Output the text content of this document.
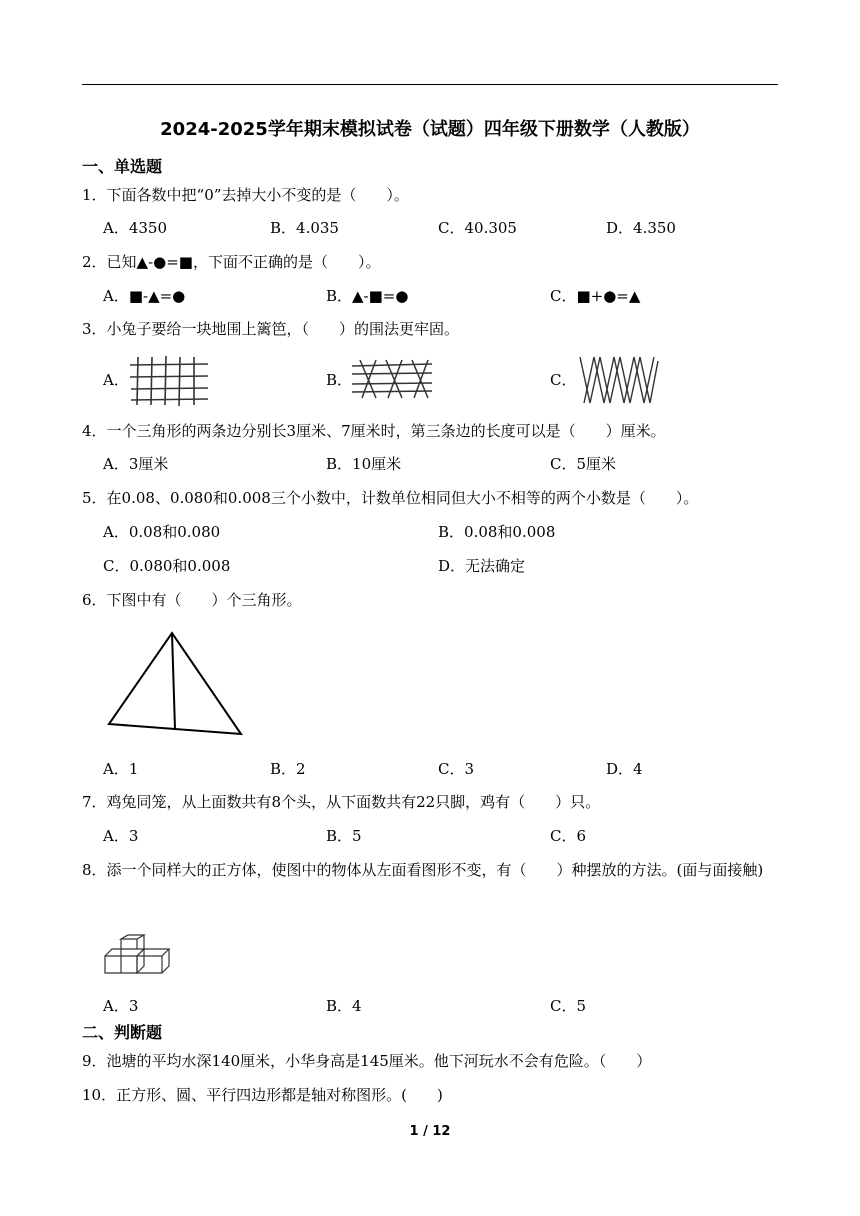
2024-2025学年期末模拟试卷（试题）四年级下册数学（人教版）
一、单选题
1．下面各数中把“0”去掉大小不变的是（　　）。
A．4350	B．4.035	C．40.305	D．4.350
2．已知▲-●=■，下面不正确的是（　　）。
A．■-▲=●	B．▲-■=●	C．■+●=▲
3．小兔子要给一块地围上篱笆，（　　）的围法更牢固。
A．	B．	C．
4．一个三角形的两条边分别长3厘米、7厘米时，第三条边的长度可以是（　　）厘米。
A．3厘米	B．10厘米	C．5厘米
5．在0.08、0.080和0.008三个小数中，计数单位相同但大小不相等的两个小数是（　　）。
A．0.08和0.080	B．0.08和0.008
C．0.080和0.008	D．无法确定
6．下图中有（　　）个三角形。
A．1	B．2	C．3	D．4
7．鸡兔同笼，从上面数共有8个头，从下面数共有22只脚，鸡有（　　）只。
A．3	B．5	C．6
8．添一个同样大的正方体，使图中的物体从左面看图形不变，有（　　）种摆放的方法。(面与面接触)
A．3	B．4	C．5
二、判断题
9．池塘的平均水深140厘米，小华身高是145厘米。他下河玩水不会有危险。（　　）
10．正方形、圆、平行四边形都是轴对称图形。(　　)
1 / 12
